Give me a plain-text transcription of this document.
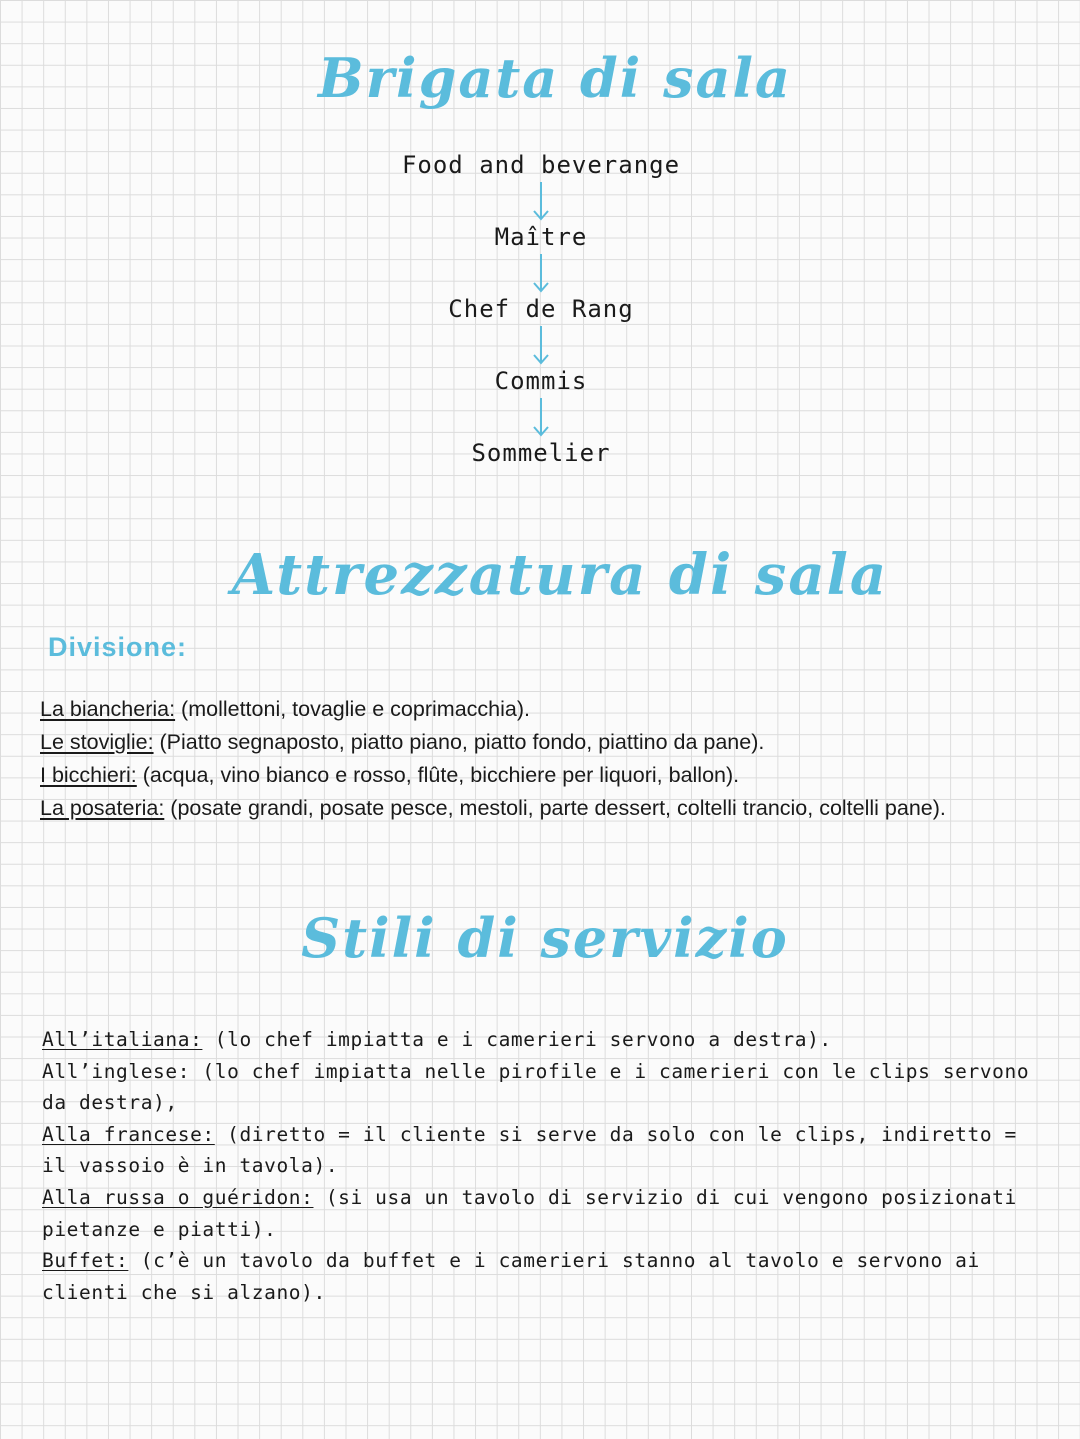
Brigata di sala
Food and beverange
Maître
Chef de Rang
Commis
Sommelier
Attrezzatura di sala
Divisione:
La biancheria: (mollettoni, tovaglie e coprimacchia).
Le stoviglie: (Piatto segnaposto, piatto piano, piatto fondo, piattino da pane).
I bicchieri: (acqua, vino bianco e rosso, flûte, bicchiere per liquori, ballon).
La posateria: (posate grandi, posate pesce, mestoli, parte dessert, coltelli trancio, coltelli pane).
Stili di servizio

All’italiana: (lo chef impiatta e i camerieri servono a destra).

All’inglese: (lo chef impiatta nelle pirofile e i camerieri con le clips servono da destra),

Alla francese: (diretto = il cliente si serve da solo con le clips, indiretto = il vassoio è in tavola).

Alla russa o guéridon: (si usa un tavolo di servizio di cui vengono posizionati pietanze e piatti).

Buffet: (c’è un tavolo da buffet e i camerieri stanno al tavolo e servono ai clienti che si alzano).
